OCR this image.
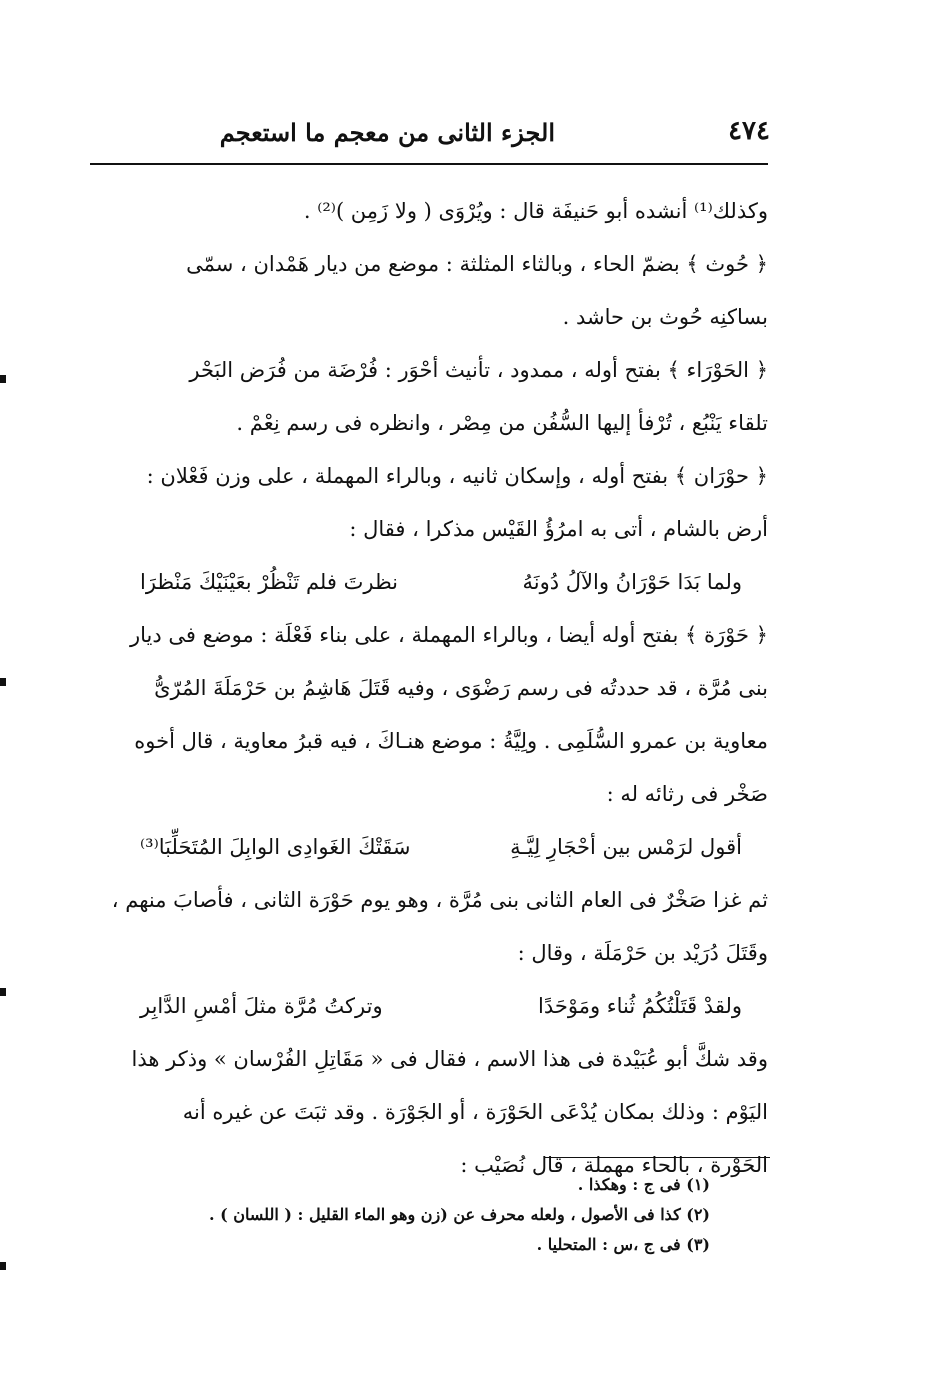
٤٧٤
الجزء الثانى من معجم ما استعجم
وكذلك⁽¹⁾ أنشده أبو حَنيفَة قال : ويُرْوَى ( ولا زَمِن )⁽²⁾ .
﴿ حُوث ﴾ بضمّ الحاء ، وبالثاء المثلثة : موضع من ديار هَمْدان ، سمّى
بساكنِه حُوث بن حاشد .
﴿ الحَوْرَاء ﴾ بفتح أوله ، ممدود ، تأنيث أحْوَر : فُرْضَة من فُرَض البَحْر
تلقاء يَنْبُع ، تُرْفأ إليها السُّفُن من مِصْر ، وانظره فى رسم نِعْمْ .
﴿ حوْرَان ﴾ بفتح أوله ، وإسكان ثانيه ، وبالراء المهملة ، على وزن فَعْلان :
أرض بالشام ، أتى به امرُؤُ القَيْس مذكرا ، فقال :
ولما بَدَا حَوْرَانُ والآلُ دُونَهُ
نظرتَ فلم تَنْظُرْ بعَيْنَيْكَ مَنْظرَا
﴿ حَوْرَة ﴾ بفتح أوله أيضا ، وبالراء المهملة ، على بناء فَعْلَة : موضع فى ديار
بنى مُرَّة ، قد حددتُه فى رسم رَضْوَى ، وفيه قَتَلَ هَاشِمُ بن حَرْمَلَةَ المُرّىُّ
معاوية بن عمرو السُّلَمِى . ولِيَّةُ : موضع هنـاكَ ، فيه قبرُ معاوية ، قال أخوه
صَخْر فى رثائه له :
أقول لرَمْس بين أحْجَارِ لِيَّـةِ
سَقَتْكَ الغَوادِى الوابِلَ المُتَحَلِّبَا⁽³⁾
ثم غزا صَخْرٌ فى العام الثانى بنى مُرَّة ، وهو يوم حَوْرَة الثانى ، فأصابَ منهم ،
وقَتَلَ دُرَيْد بن حَرْمَلَة ، وقال :
ولقدْ قَتَلْتُكُمُ ثُناء ومَوْحَدًا
وتركتُ مُرَّة مثلَ أمْسِ الدَّابِر
وقد شكَّ أبو عُبَيْدة فى هذا الاسم ، فقال فى « مَقَاتِلِ الفُرْسان » وذكر هذا
اليَوْم : وذلك بمكان يُدْعَى الحَوْرَة ، أو الجَوْرَة . وقد ثبَتَ عن غيره أنه
الحَوْرة ، بالحاء مهملة ، قال نُصَيْب :
(١) فى ج : وهكذا .
(٢) كذا فى الأصول ، ولعله محرف عن (زن وهو الماء القليل : ( اللسان ) .
(٣) فى ج ،س : المتحليا .
